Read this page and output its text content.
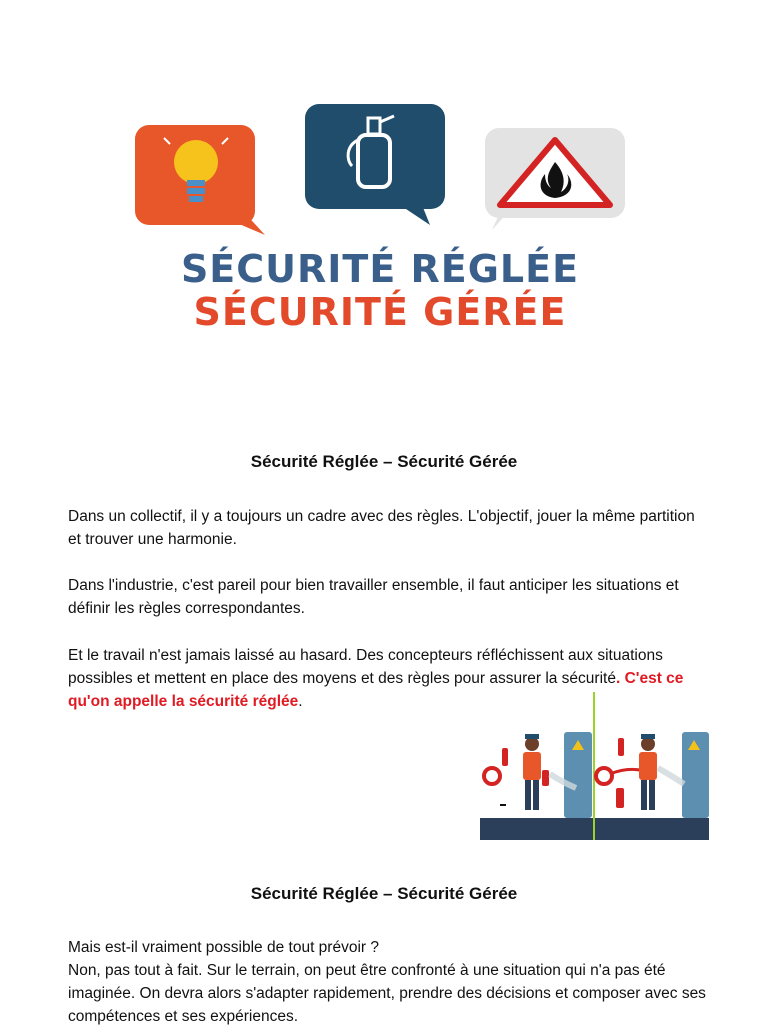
SÉCURITÉ RÉGLÉE
SÉCURITÉ GÉRÉE
Sécurité Réglée – Sécurité Gérée

Dans un collectif, il y a toujours un cadre avec des règles. L'objectif, jouer la même partition et trouver une harmonie.

Dans l'industrie, c'est pareil pour bien travailler ensemble, il faut anticiper les situations et définir les règles correspondantes.

Et le travail n'est jamais laissé au hasard. Des concepteurs réfléchissent aux situations possibles et mettent en place des moyens et des règles pour assurer la sécurité. C'est ce qu'on appelle la sécurité réglée.

Sécurité Réglée – Sécurité Gérée

Mais est-il vraiment possible de tout prévoir ?
Non, pas tout à fait. Sur le terrain, on peut être confronté à une situation qui n'a pas été imaginée. On devra alors s'adapter rapidement, prendre des décisions et composer avec ses compétences et ses expériences.
